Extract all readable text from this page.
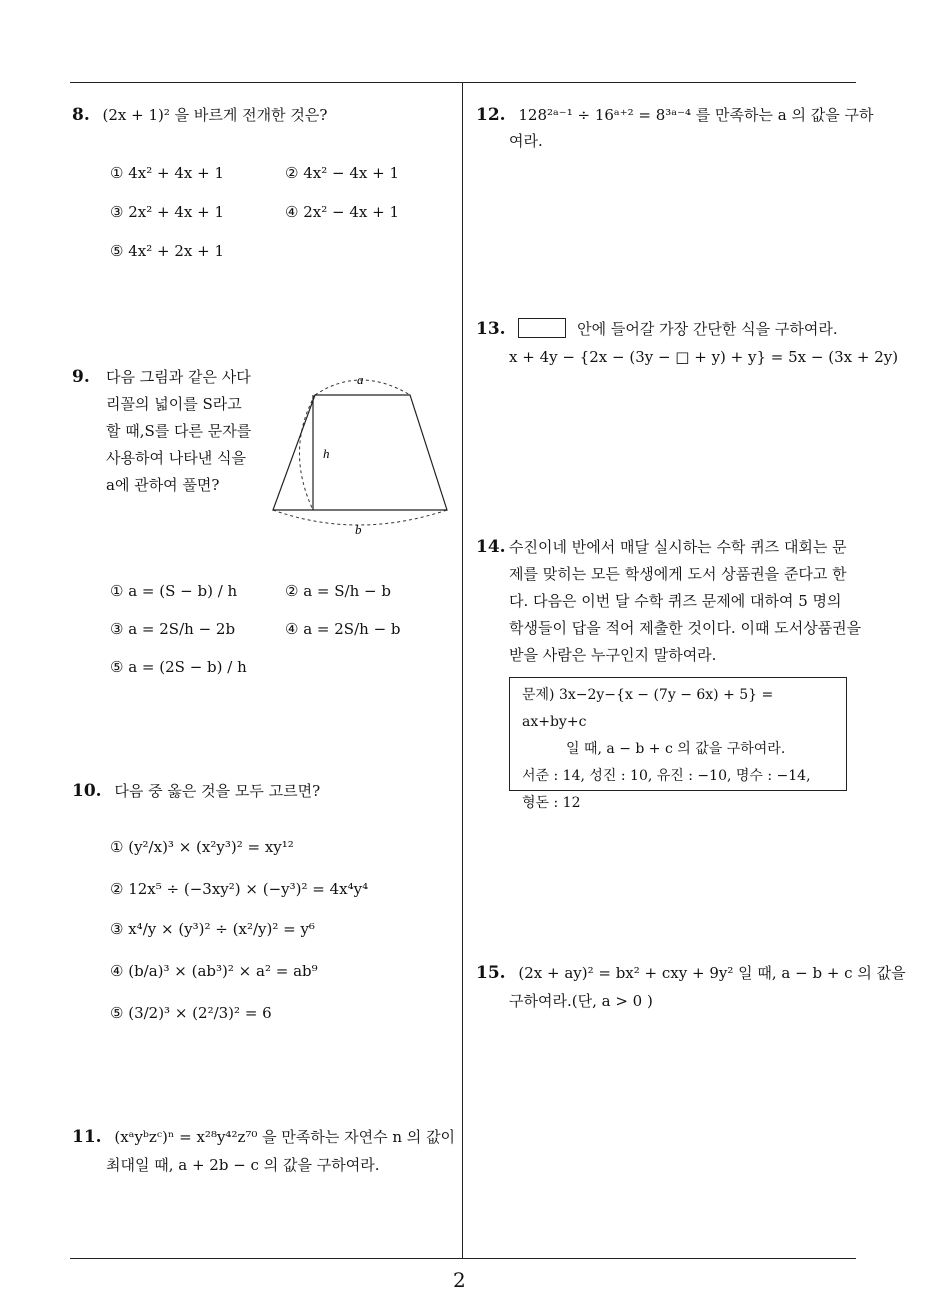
8. (2x + 1)² 을 바르게 전개한 것은?
① 4x² + 4x + 1	② 4x² − 4x + 1
③ 2x² + 4x + 1	④ 2x² − 4x + 1
⑤ 4x² + 2x + 1
9.	다음 그림과 같은 사다
리꼴의 넓이를 S라고
할 때,S를 다른 문자를
사용하여 나타낸 식을
a에 관하여 풀면?
a
h
b
① a = (S − b) / h	② a = S/h − b
③ a = 2S/h − 2b	④ a = 2S/h − b
⑤ a = (2S − b) / h
10. 다음 중 옳은 것을 모두 고르면?
① (y²/x)³ × (x²y³)² = xy¹²
② 12x⁵ ÷ (−3xy²) × (−y³)² = 4x⁴y⁴
③ x⁴/y × (y³)² ÷ (x²/y)² = y⁶
④ (b/a)³ × (ab³)² × a² = ab⁹
⑤ (3/2)³ × (2²/3)² = 6
11. (xᵃyᵇzᶜ)ⁿ = x²⁸y⁴²z⁷⁰ 을 만족하는 자연수 n 의 값이
최대일 때, a + 2b − c 의 값을 구하여라.
12. 128²ᵃ⁻¹ ÷ 16ᵃ⁺² = 8³ᵃ⁻⁴ 를 만족하는 a 의 값을 구하
여라.
13.	안에 들어갈 가장 간단한 식을 구하여라.
x + 4y − {2x − (3y − □ + y) + y} = 5x − (3x + 2y)
14. 수진이네 반에서 매달 실시하는 수학 퀴즈 대회는 문
제를 맞히는 모든 학생에게 도서 상품권을 준다고 한
다. 다음은 이번 달 수학 퀴즈 문제에 대하여 5 명의
학생들이 답을 적어 제출한 것이다. 이때 도서상품권을
받을 사람은 누구인지 말하여라.
문제) 3x−2y−{x − (7y − 6x) + 5} = ax+by+c
일 때, a − b + c 의 값을 구하여라.
서준 : 14, 성진 : 10, 유진 : −10, 명수 : −14,
형돈 : 12
15. (2x + ay)² = bx² + cxy + 9y² 일 때, a − b + c 의 값을
구하여라.(단, a > 0 )
2
